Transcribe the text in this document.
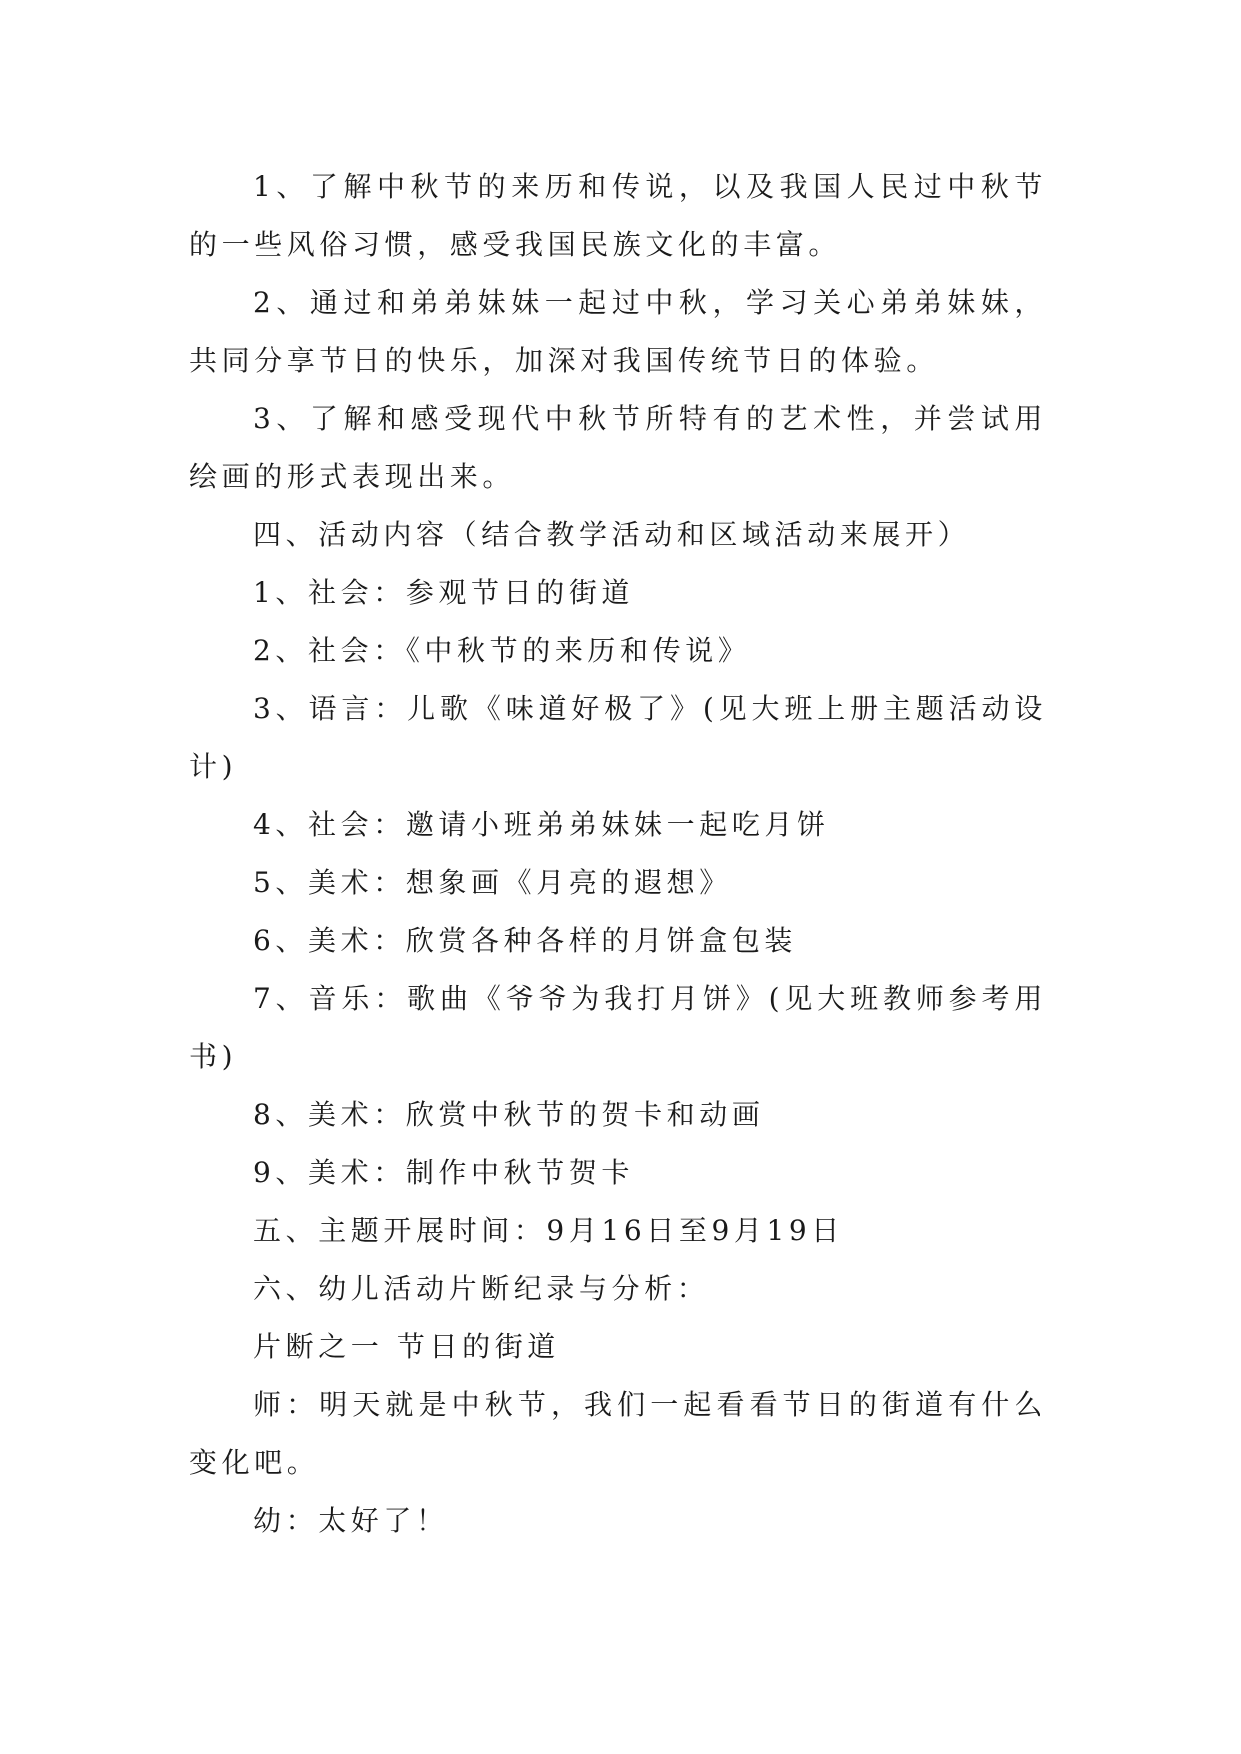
1、了解中秋节的来历和传说，以及我国人民过中秋节的一些风俗习惯，感受我国民族文化的丰富。

2、通过和弟弟妹妹一起过中秋，学习关心弟弟妹妹，共同分享节日的快乐，加深对我国传统节日的体验。

3、了解和感受现代中秋节所特有的艺术性，并尝试用绘画的形式表现出来。

四、活动内容（结合教学活动和区域活动来展开）

1、社会：参观节日的街道

2、社会：《中秋节的来历和传说》

3、语言：儿歌《味道好极了》(见大班上册主题活动设计)

4、社会：邀请小班弟弟妹妹一起吃月饼

5、美术：想象画《月亮的遐想》

6、美术：欣赏各种各样的月饼盒包装

7、音乐：歌曲《爷爷为我打月饼》(见大班教师参考用书)

8、美术：欣赏中秋节的贺卡和动画

9、美术：制作中秋节贺卡

五、主题开展时间：9月16日至9月19日

六、幼儿活动片断纪录与分析：

片断之一 节日的街道

师：明天就是中秋节，我们一起看看节日的街道有什么变化吧。

幼：太好了！
